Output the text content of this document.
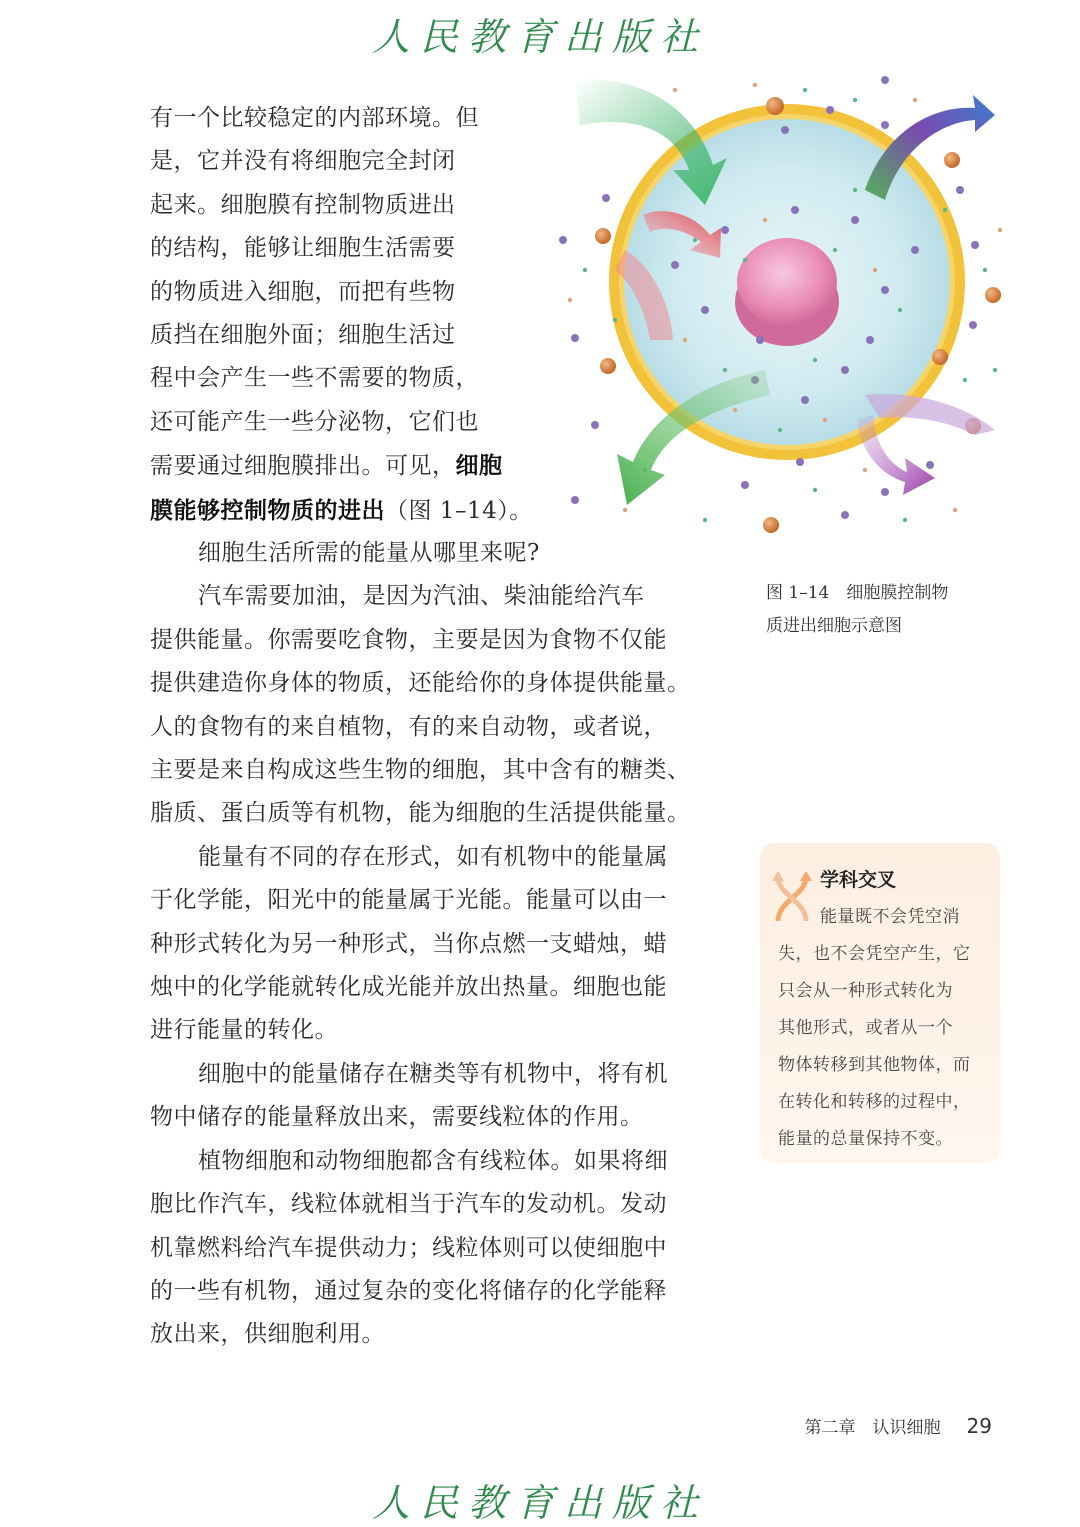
人民教育出版社
有一个比较稳定的内部环境。但
是，它并没有将细胞完全封闭
起来。细胞膜有控制物质进出
的结构，能够让细胞生活需要
的物质进入细胞，而把有些物
质挡在细胞外面；细胞生活过
程中会产生一些不需要的物质，
还可能产生一些分泌物，它们也
需要通过细胞膜排出。可见，细胞
膜能够控制物质的进出（图 1–14）。
细胞生活所需的能量从哪里来呢?
汽车需要加油，是因为汽油、柴油能给汽车
提供能量。你需要吃食物，主要是因为食物不仅能
提供建造你身体的物质，还能给你的身体提供能量。
人的食物有的来自植物，有的来自动物，或者说，
主要是来自构成这些生物的细胞，其中含有的糖类、
脂质、蛋白质等有机物，能为细胞的生活提供能量。
能量有不同的存在形式，如有机物中的能量属
于化学能，阳光中的能量属于光能。能量可以由一
种形式转化为另一种形式，当你点燃一支蜡烛，蜡
烛中的化学能就转化成光能并放出热量。细胞也能
进行能量的转化。
细胞中的能量储存在糖类等有机物中，将有机
物中储存的能量释放出来，需要线粒体的作用。
植物细胞和动物细胞都含有线粒体。如果将细
胞比作汽车，线粒体就相当于汽车的发动机。发动
机靠燃料给汽车提供动力；线粒体则可以使细胞中
的一些有机物，通过复杂的变化将储存的化学能释
放出来，供细胞利用。
图 1–14　细胞膜控制物
质进出细胞示意图
学科交叉
能量既不会凭空消
失，也不会凭空产生，它
只会从一种形式转化为
其他形式，或者从一个
物体转移到其他物体，而
在转化和转移的过程中，
能量的总量保持不变。
第二章　认识细胞 29
人民教育出版社
